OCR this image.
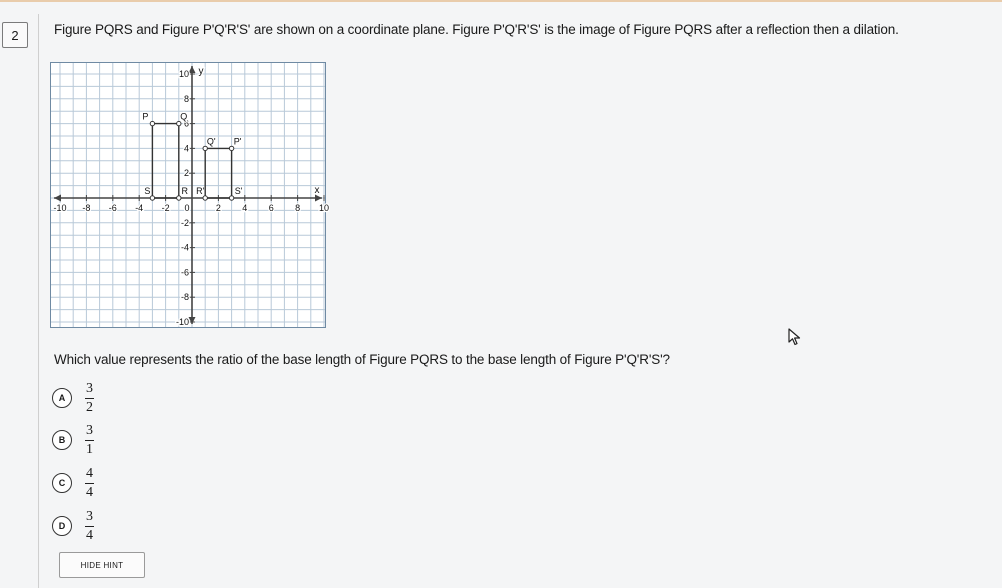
2	Figure PQRS and Figure P'Q'R'S' are shown on a coordinate plane. Figure P'Q'R'S' is the image of Figure PQRS after a reflection then a dilation.
-10 -8 -6 -4 -2 0	2 4 6 8 10
10
8
6
4
2
-2
-4
-6
-8
-10
x
y
P	Q
R
S
P'
Q'
R'	S'
Which value represents the ratio of the base length of Figure PQRS to the base length of Figure P'Q'R'S'?
A	$\frac{3}{2}$
B	$\frac{3}{1}$
C	$\frac{4}{4}$
D	$\frac{3}{4}$
HIDE HINT
